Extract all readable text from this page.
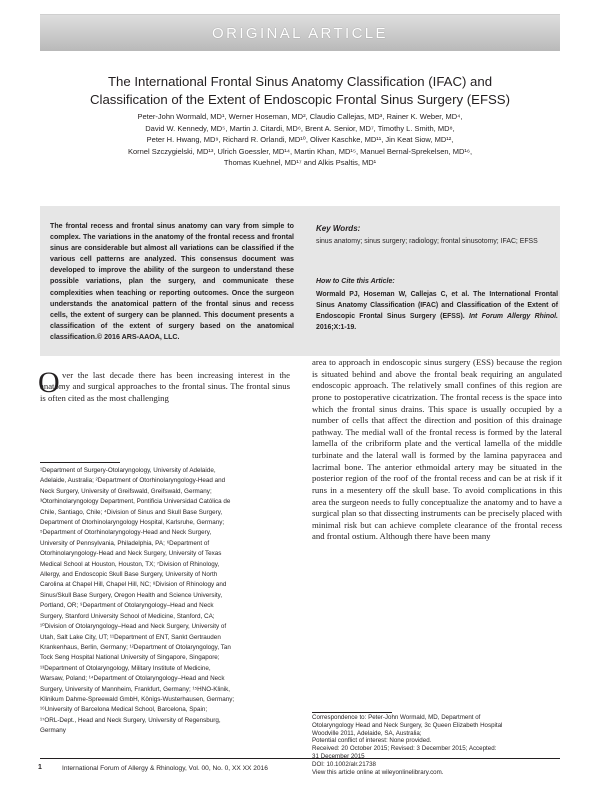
ORIGINAL ARTICLE
The International Frontal Sinus Anatomy Classification (IFAC) and
Classification of the Extent of Endoscopic Frontal Sinus Surgery (EFSS)
Peter-John Wormald, MD¹, Werner Hoseman, MD², Claudio Callejas, MD³, Rainer K. Weber, MD⁴,
David W. Kennedy, MD⁵, Martin J. Citardi, MD⁶, Brent A. Senior, MD⁷, Timothy L. Smith, MD⁸,
Peter H. Hwang, MD⁹, Richard R. Orlandi, MD¹⁰, Oliver Kaschke, MD¹¹, Jin Keat Siow, MD¹²,
Kornel Szczygielski, MD¹³, Ulrich Goessler, MD¹⁴, Martin Khan, MD¹⁵, Manuel Bernal-Sprekelsen, MD¹⁶,
Thomas Kuehnel, MD¹⁷ and Alkis Psaltis, MD¹
The frontal recess and frontal sinus anatomy can vary from simple to complex. The variations in the anatomy of the frontal recess and frontal sinus are considerable but almost all variations can be classified if the various cell patterns are analyzed. This consensus document was developed to improve the ability of the surgeon to understand these possible variations, plan the surgery, and communicate these complexities when teaching or reporting outcomes. Once the surgeon understands the anatomical pattern of the frontal sinus and recess cells, the extent of surgery can be planned. This document presents a classification of the extent of surgery based on the anatomical classification.© 2016 ARS-AAOA, LLC.
Key Words:
sinus anatomy; sinus surgery; radiology; frontal sinusotomy; IFAC; EFSS
How to Cite this Article:
Wormald PJ, Hoseman W, Callejas C, et al. The International Frontal Sinus Anatomy Classification (IFAC) and Classification of the Extent of Endoscopic Frontal Sinus Surgery (EFSS). Int Forum Allergy Rhinol. 2016;X:1-19.
O ver the last decade there has been increasing interest in the anatomy and surgical approaches to the frontal sinus. The frontal sinus is often cited as the most challenging
¹Department of Surgery-Otolaryngology, University of Adelaide,
Adelaide, Australia; ²Department of Otorhinolaryngology-Head and
Neck Surgery, University of Greifswald, Greifswald, Germany;
³Otorhinolaryngology Department, Pontificia Universidad Católica de
Chile, Santiago, Chile; ⁴Division of Sinus and Skull Base Surgery,
Department of Otorhinolaryngology Hospital, Karlsruhe, Germany;
⁵Department of Otorhinolaryngology-Head and Neck Surgery,
University of Pennsylvania, Philadelphia, PA; ⁶Department of
Otorhinolaryngology-Head and Neck Surgery, University of Texas
Medical School at Houston, Houston, TX; ⁷Division of Rhinology,
Allergy, and Endoscopic Skull Base Surgery, University of North
Carolina at Chapel Hill, Chapel Hill, NC; ⁸Division of Rhinology and
Sinus/Skull Base Surgery, Oregon Health and Science University,
Portland, OR; ⁹Department of Otolaryngology–Head and Neck
Surgery, Stanford University School of Medicine, Stanford, CA;
¹⁰Division of Otolaryngology–Head and Neck Surgery, University of
Utah, Salt Lake City, UT; ¹¹Department of ENT, Sankt Gertrauden
Krankenhaus, Berlin, Germany; ¹²Department of Otolaryngology, Tan
Tock Seng Hospital National University of Singapore, Singapore;
¹³Department of Otolaryngology, Military Institute of Medicine,
Warsaw, Poland; ¹⁴Department of Otolaryngology–Head and Neck
Surgery, University of Mannheim, Frankfurt, Germany; ¹⁵HNO-Klinik,
Klinikum Dahme-Spreewald GmbH, Königs-Wusterhausen, Germany;
¹⁶University of Barcelona Medical School, Barcelona, Spain;
¹⁷ORL-Dept., Head and Neck Surgery, University of Regensburg,
Germany
area to approach in endoscopic sinus surgery (ESS) because the region is situated behind and above the frontal beak requiring an angulated endoscopic approach. The relatively small confines of this region are prone to postoperative cicatrization. The frontal recess is the space into which the frontal sinus drains. This space is usually occupied by a number of cells that affect the direction and position of this drainage pathway. The medial wall of the frontal recess is formed by the lateral lamella of the cribriform plate and the vertical lamella of the middle turbinate and the lateral wall is formed by the lamina papyracea and lacrimal bone. The anterior ethmoidal artery may be situated in the posterior region of the roof of the frontal recess and can be at risk if it runs in a mesentery off the skull base. To avoid complications in this area the surgeon needs to fully conceptualize the anatomy and to have a surgical plan so that dissecting instruments can be precisely placed with minimal risk but can achieve complete clearance of the frontal recess and frontal ostium. Although there have been many
Correspondence to: Peter-John Wormald, MD, Department of
Otolaryngology Head and Neck Surgery, 3c Queen Elizabeth Hospital
Woodville 2011, Adelaide, SA, Australia;
Potential conflict of interest: None provided.
Received: 20 October 2015; Revised: 3 December 2015; Accepted:
31 December 2015
DOI: 10.1002/alr.21738
View this article online at wileyonlinelibrary.com.
1	International Forum of Allergy & Rhinology, Vol. 00, No. 0, XX XX 2016
